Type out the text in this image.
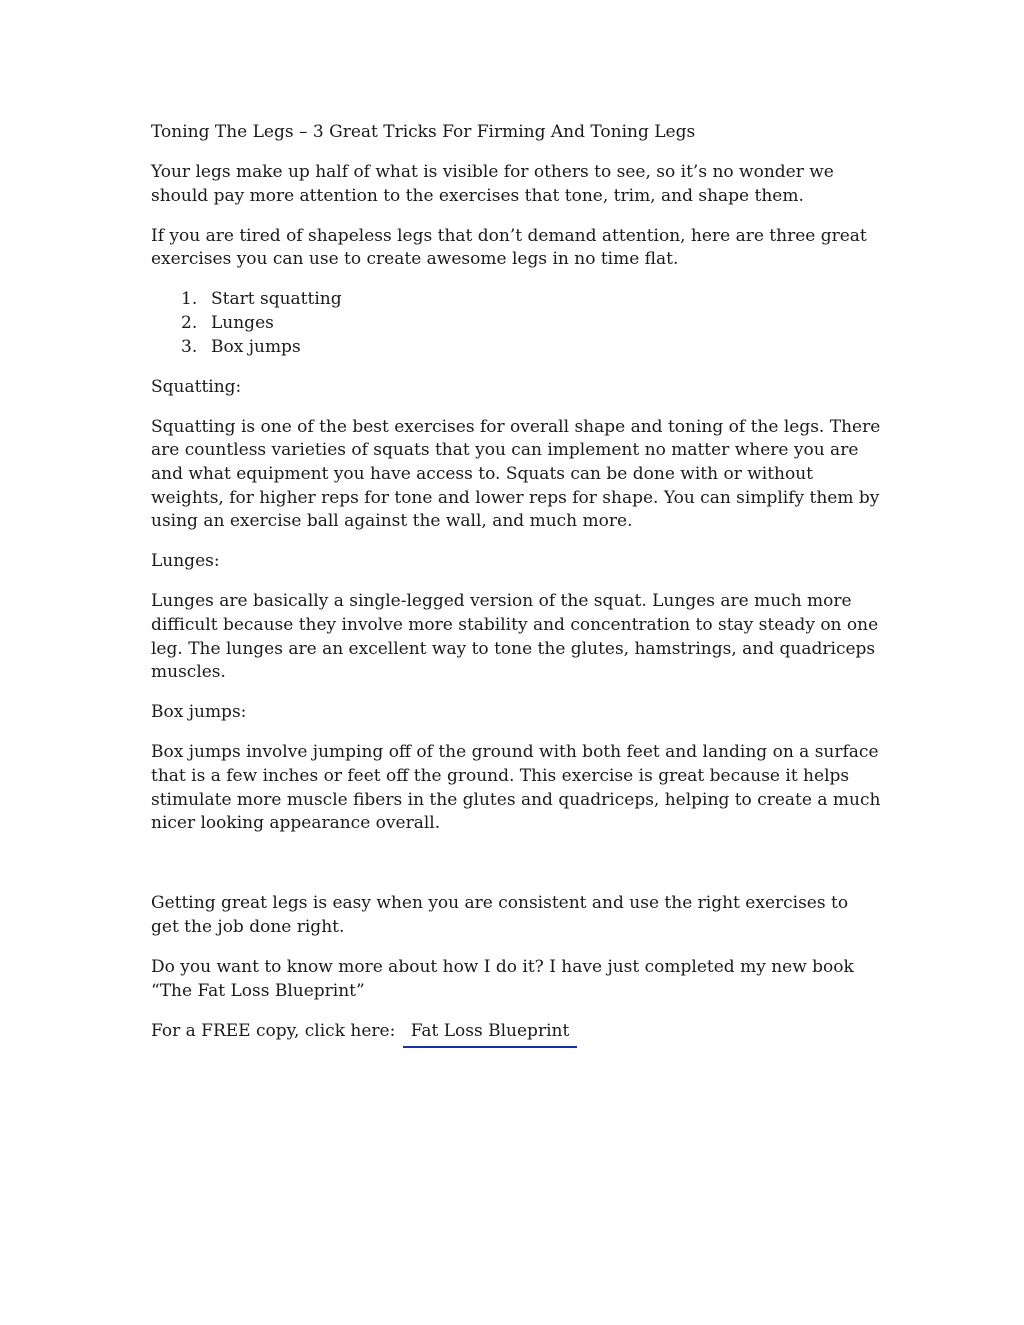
Toning The Legs – 3 Great Tricks For Firming And Toning Legs

Your legs make up half of what is visible for others to see, so it’s no wonder we should pay more attention to the exercises that tone, trim, and shape them.

If you are tired of shapeless legs that don’t demand attention, here are three great exercises you can use to create awesome legs in no time flat.

1. Start squatting
2. Lunges
3. Box jumps

Squatting:

Squatting is one of the best exercises for overall shape and toning of the legs. There are countless varieties of squats that you can implement no matter where you are and what equipment you have access to. Squats can be done with or without weights, for higher reps for tone and lower reps for shape. You can simplify them by using an exercise ball against the wall, and much more.

Lunges:

Lunges are basically a single-legged version of the squat. Lunges are much more difficult because they involve more stability and concentration to stay steady on one leg. The lunges are an excellent way to tone the glutes, hamstrings, and quadriceps muscles.

Box jumps:

Box jumps involve jumping off of the ground with both feet and landing on a surface that is a few inches or feet off the ground. This exercise is great because it helps stimulate more muscle fibers in the glutes and quadriceps, helping to create a much nicer looking appearance overall.

Getting great legs is easy when you are consistent and use the right exercises to get the job done right.

Do you want to know more about how I do it? I have just completed my new book “The Fat Loss Blueprint”

For a FREE copy, click here: Fat Loss Blueprint
